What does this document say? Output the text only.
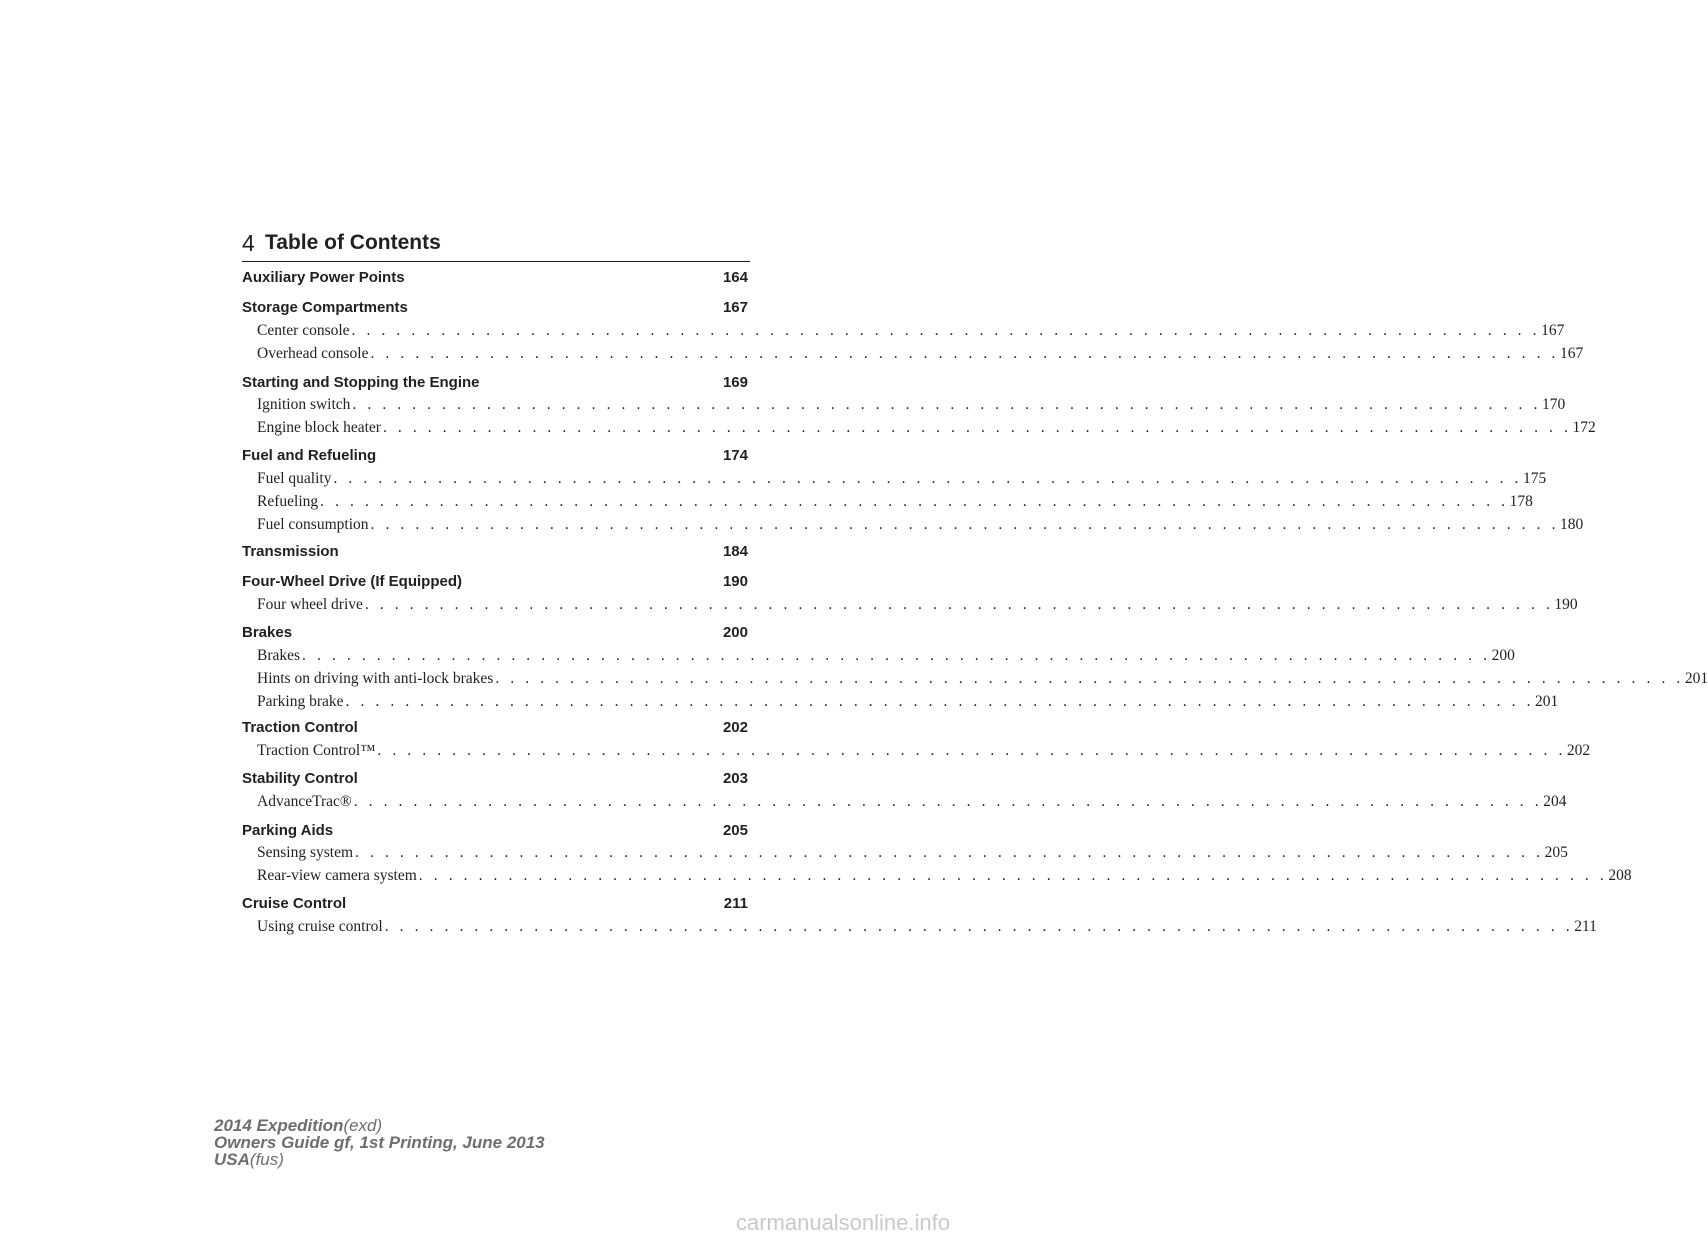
4 Table of Contents
Auxiliary Power Points	164
Storage Compartments	167
Center console . . . . . . . . . . . . . . . . . . . . . . . . . . . . . . . . . . . . . . . . . . . . . . . . . . . . . . . . . . . . . . . . . . . . . . . . . . . . . . . . 167
Overhead console . . . . . . . . . . . . . . . . . . . . . . . . . . . . . . . . . . . . . . . . . . . . . . . . . . . . . . . . . . . . . . . . . . . . . . . . . . . . . . . . 167
Starting and Stopping the Engine	169
Ignition switch . . . . . . . . . . . . . . . . . . . . . . . . . . . . . . . . . . . . . . . . . . . . . . . . . . . . . . . . . . . . . . . . . . . . . . . . . . . . . . . . 170
Engine block heater . . . . . . . . . . . . . . . . . . . . . . . . . . . . . . . . . . . . . . . . . . . . . . . . . . . . . . . . . . . . . . . . . . . . . . . . . . . . . . . . 172
Fuel and Refueling	174
Fuel quality . . . . . . . . . . . . . . . . . . . . . . . . . . . . . . . . . . . . . . . . . . . . . . . . . . . . . . . . . . . . . . . . . . . . . . . . . . . . . . . . 175
Refueling . . . . . . . . . . . . . . . . . . . . . . . . . . . . . . . . . . . . . . . . . . . . . . . . . . . . . . . . . . . . . . . . . . . . . . . . . . . . . . . . 178
Fuel consumption . . . . . . . . . . . . . . . . . . . . . . . . . . . . . . . . . . . . . . . . . . . . . . . . . . . . . . . . . . . . . . . . . . . . . . . . . . . . . . . . 180
Transmission	184
Four-Wheel Drive (If Equipped)	190
Four wheel drive . . . . . . . . . . . . . . . . . . . . . . . . . . . . . . . . . . . . . . . . . . . . . . . . . . . . . . . . . . . . . . . . . . . . . . . . . . . . . . . . 190
Brakes	200
Brakes . . . . . . . . . . . . . . . . . . . . . . . . . . . . . . . . . . . . . . . . . . . . . . . . . . . . . . . . . . . . . . . . . . . . . . . . . . . . . . . . 200
Hints on driving with anti-lock brakes . . . . . . . . . . . . . . . . . . . . . . . . . . . . . . . . . . . . . . . . . . . . . . . . . . . . . . . . . . . . . . . . . . . . . . . . . . . . . . . . 201
Parking brake . . . . . . . . . . . . . . . . . . . . . . . . . . . . . . . . . . . . . . . . . . . . . . . . . . . . . . . . . . . . . . . . . . . . . . . . . . . . . . . . 201
Traction Control	202
Traction Control™ . . . . . . . . . . . . . . . . . . . . . . . . . . . . . . . . . . . . . . . . . . . . . . . . . . . . . . . . . . . . . . . . . . . . . . . . . . . . . . . . 202
Stability Control	203
AdvanceTrac® . . . . . . . . . . . . . . . . . . . . . . . . . . . . . . . . . . . . . . . . . . . . . . . . . . . . . . . . . . . . . . . . . . . . . . . . . . . . . . . . 204
Parking Aids	205
Sensing system . . . . . . . . . . . . . . . . . . . . . . . . . . . . . . . . . . . . . . . . . . . . . . . . . . . . . . . . . . . . . . . . . . . . . . . . . . . . . . . . 205
Rear-view camera system . . . . . . . . . . . . . . . . . . . . . . . . . . . . . . . . . . . . . . . . . . . . . . . . . . . . . . . . . . . . . . . . . . . . . . . . . . . . . . . . 208
Cruise Control	211
Using cruise control . . . . . . . . . . . . . . . . . . . . . . . . . . . . . . . . . . . . . . . . . . . . . . . . . . . . . . . . . . . . . . . . . . . . . . . . . . . . . . . . 211
2014 Expedition(exd)
Owners Guide gf, 1st Printing, June 2013
USA(fus)
carmanualsonline.info
